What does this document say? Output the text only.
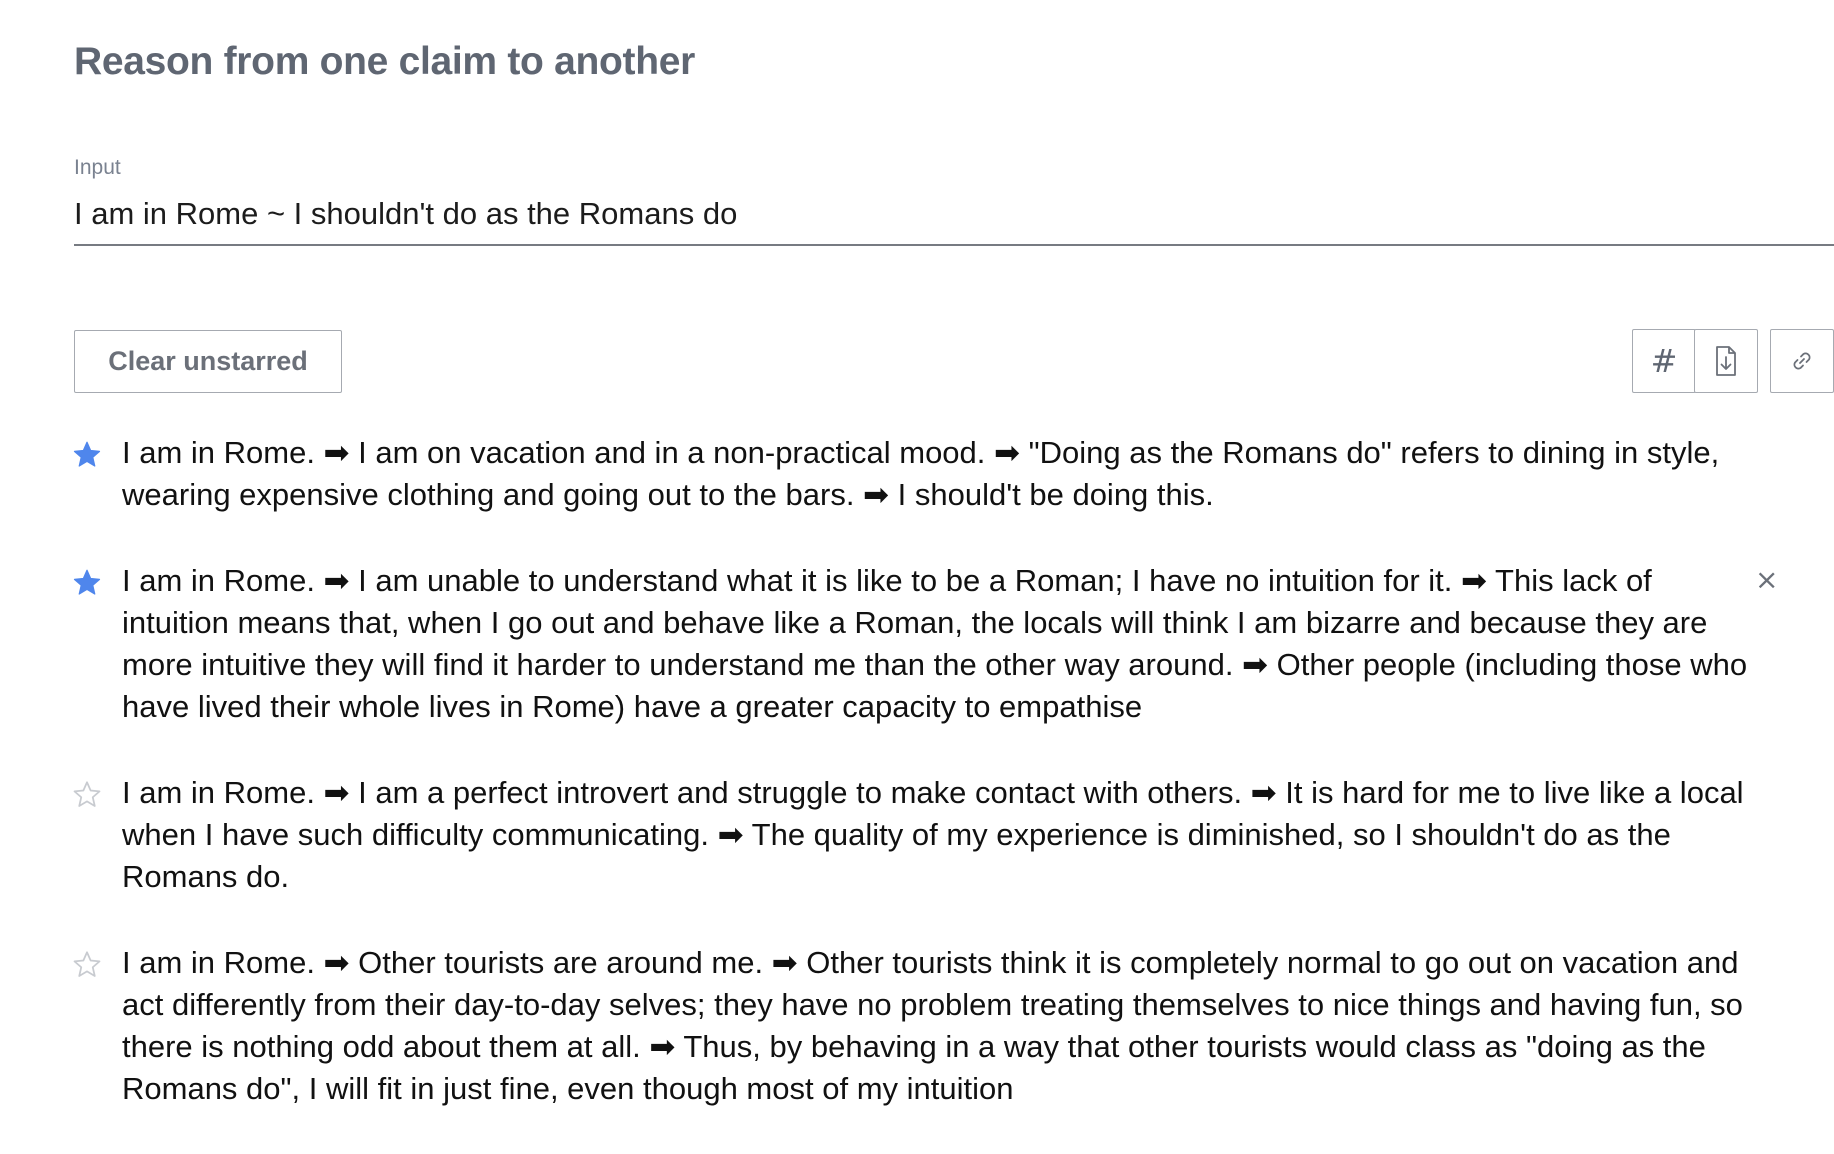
Reason from one claim to another
Input
I am in Rome ~ I shouldn't do as the Romans do
Clear unstarred	#

I am in Rome. ➡ I am on vacation and in a non-practical mood. ➡ "Doing as the Romans do" refers to dining in style, wearing expensive clothing and going out to the bars. ➡ I should't be doing this.

I am in Rome. ➡ I am unable to understand what it is like to be a Roman; I have no intuition for it. ➡ This lack of intuition means that, when I go out and behave like a Roman, the locals will think I am bizarre and because they are more intuitive they will find it harder to understand me than the other way around. ➡ Other people (including those who have lived their whole lives in Rome) have a greater capacity to empathise

×

I am in Rome. ➡ I am a perfect introvert and struggle to make contact with others. ➡ It is hard for me to live like a local when I have such difficulty communicating. ➡ The quality of my experience is diminished, so I shouldn't do as the Romans do.

I am in Rome. ➡ Other tourists are around me. ➡ Other tourists think it is completely normal to go out on vacation and act differently from their day-to-day selves; they have no problem treating themselves to nice things and having fun, so there is nothing odd about them at all. ➡ Thus, by behaving in a way that other tourists would class as "doing as the Romans do", I will fit in just fine, even though most of my intuition
